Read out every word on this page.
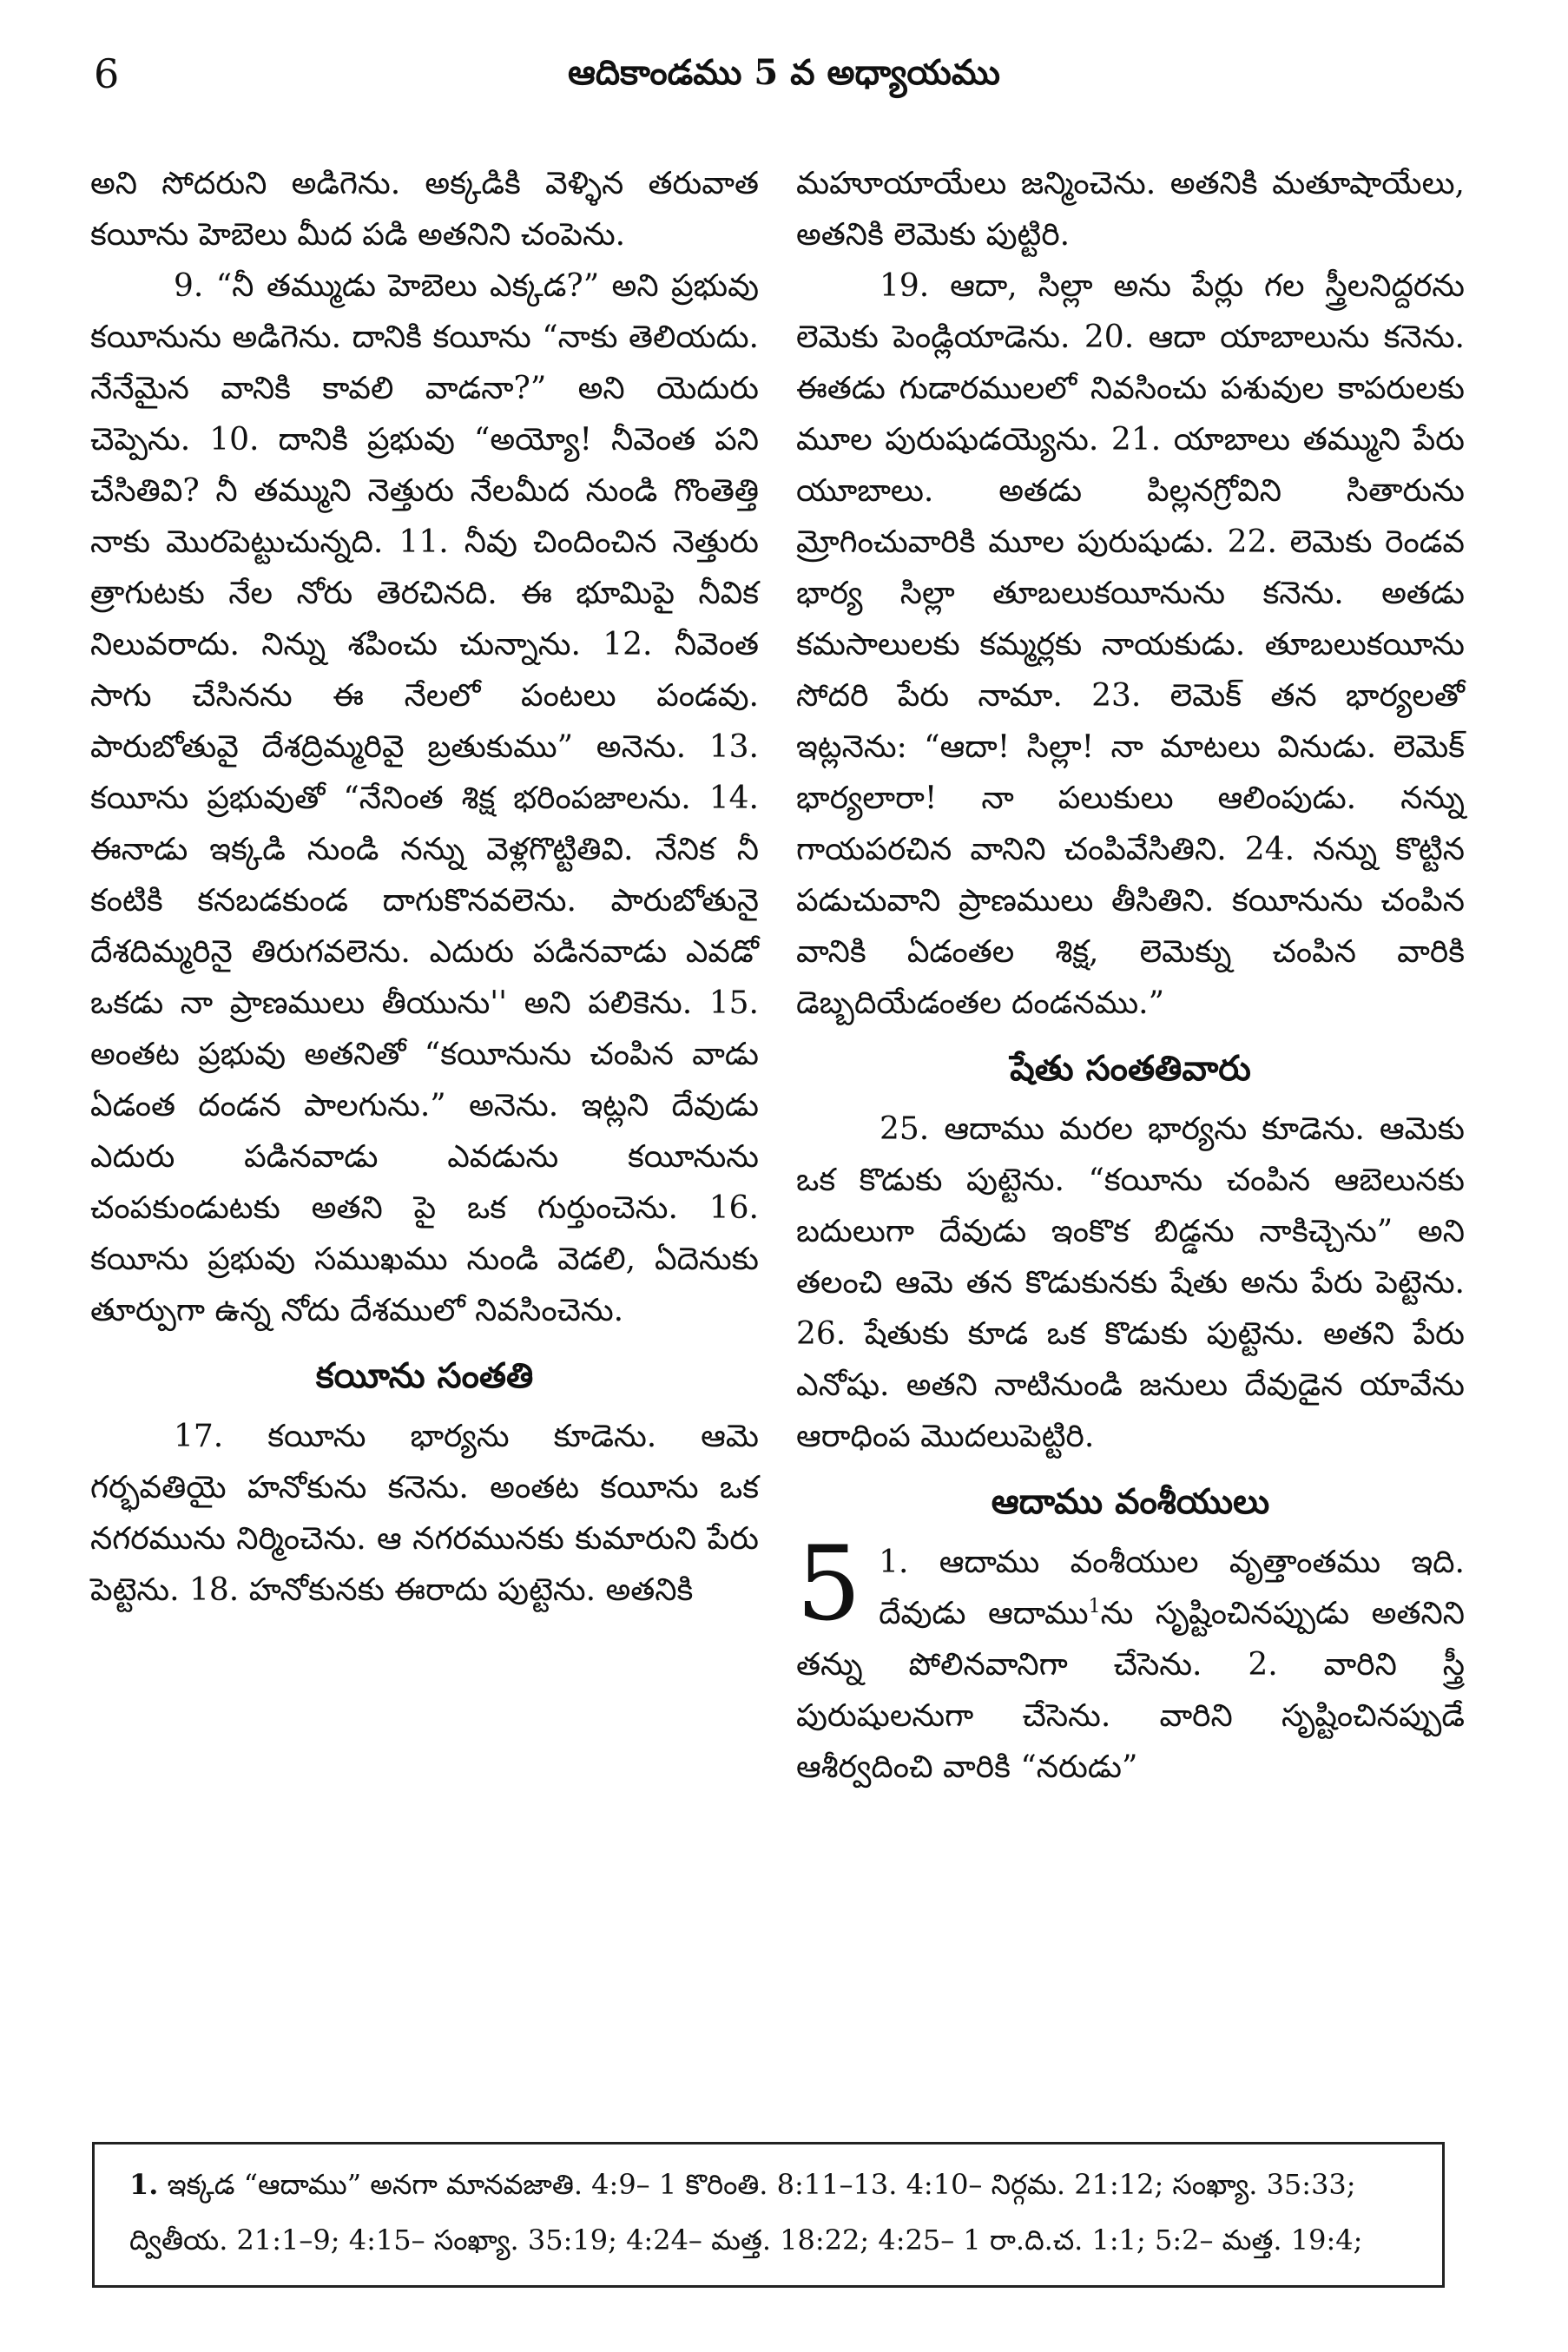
6	ఆదికాండము 5 వ అధ్యాయము

అని సోదరుని అడిగెను. అక్కడికి వెళ్ళిన తరువాత కయీను హెబెలు మీద పడి అతనిని చంపెను.

9. “నీ తమ్ముడు హెబెలు ఎక్కడ?” అని ప్రభువు కయీనును అడిగెను. దానికి కయీను “నాకు తెలియదు. నేనేమైన వానికి కావలి వాడనా?” అని యెదురు చెప్పెను. 10. దానికి ప్రభువు “అయ్యో! నీవెంత పని చేసితివి? నీ తమ్ముని నెత్తురు నేలమీద నుండి గొంతెత్తి నాకు మొరపెట్టుచున్నది. 11. నీవు చిందించిన నెత్తురు త్రాగుటకు నేల నోరు తెరచినది. ఈ భూమిపై నీవిక నిలువరాదు. నిన్ను శపించు చున్నాను. 12. నీవెంత సాగు చేసినను ఈ నేలలో పంటలు పండవు. పారుబోతువై దేశద్రిమ్మరివై బ్రతుకుము” అనెను. 13. కయీను ప్రభువుతో “నేనింత శిక్ష భరింపజాలను. 14. ఈనాడు ఇక్కడి నుండి నన్ను వెళ్లగొట్టితివి. నేనిక నీ కంటికి కనబడకుండ దాగుకొనవలెను. పారుబోతునై దేశదిమ్మరినై తిరుగవలెను. ఎదురు పడినవాడు ఎవడో ఒకడు నా ప్రాణములు తీయును'' అని పలికెను. 15. అంతట ప్రభువు అతనితో “కయీనును చంపిన వాడు ఏడంత దండన పాలగును.” అనెను. ఇట్లని దేవుడు ఎదురు పడినవాడు ఎవడును కయీనును చంపకుండుటకు అతని పై ఒక గుర్తుంచెను. 16. కయీను ప్రభువు సముఖము నుండి వెడలి, ఏదెనుకు తూర్పుగా ఉన్న నోదు దేశములో నివసించెను.

కయీను సంతతి

17. కయీను భార్యను కూడెను. ఆమె గర్భవతియై హనోకును కనెను. అంతట కయీను ఒక నగరమును నిర్మించెను. ఆ నగరమునకు కుమారుని పేరు పెట్టెను. 18. హనోకునకు ఈరాదు పుట్టెను. అతనికి

మహూయాయేలు జన్మించెను. అతనికి మతూషాయేలు, అతనికి లెమెకు పుట్టిరి.

19. ఆదా, సిల్లా అను పేర్లు గల స్త్రీలనిద్దరను లెమెకు పెండ్లియాడెను. 20. ఆదా యాబాలును కనెను. ఈతడు గుడారములలో నివసించు పశువుల కాపరులకు మూల పురుషుడయ్యెను. 21. యాబాలు తమ్ముని పేరు యూబాలు. అతడు పిల్లనగ్రోవిని సితారును మ్రోగించువారికి మూల పురుషుడు. 22. లెమెకు రెండవ భార్య సిల్లా తూబలుకయీనును కనెను. అతడు కమసాలులకు కమ్మర్లకు నాయకుడు. తూబలుకయీను సోదరి పేరు నామా. 23. లెమెక్ తన భార్యలతో ఇట్లనెను: “ఆదా! సిల్లా! నా మాటలు వినుడు. లెమెక్ భార్యలారా! నా పలుకులు ఆలింపుడు. నన్ను గాయపరచిన వానిని చంపివేసితిని. 24. నన్ను కొట్టిన పడుచువాని ప్రాణములు తీసితిని. కయీనును చంపిన వానికి ఏడంతల శిక్ష, లెమెక్ను చంపిన వారికి డెబ్బదియేడంతల దండనము.”

షేతు సంతతివారు

25. ఆదాము మరల భార్యను కూడెను. ఆమెకు ఒక కొడుకు పుట్టెను. “కయీను చంపిన ఆబెలునకు బదులుగా దేవుడు ఇంకొక బిడ్డను నాకిచ్చెను” అని తలంచి ఆమె తన కొడుకునకు షేతు అను పేరు పెట్టెను. 26. షేతుకు కూడ ఒక కొడుకు పుట్టెను. అతని పేరు ఎనోషు. అతని నాటినుండి జనులు దేవుడైన యావేను ఆరాధింప మొదలుపెట్టిరి.

ఆదాము వంశీయులు

5 1. ఆదాము వంశీయుల వృత్తాంతము ఇది. దేవుడు ఆదాము$^1$ను సృష్టించినప్పుడు అతనిని తన్ను పోలినవానిగా చేసెను. 2. వారిని స్త్రీ పురుషులనుగా చేసెను. వారిని సృష్టించినప్పుడే ఆశీర్వదించి వారికి “నరుడు”

1. ఇక్కడ “ఆదాము” అనగా మానవజాతి. 4:9– 1 కొరింతి. 8:11–13. 4:10– నిర్గమ. 21:12; సంఖ్యా. 35:33;

ద్వితీయ. 21:1–9; 4:15– సంఖ్యా. 35:19; 4:24– మత్త. 18:22; 4:25– 1 రా.ది.చ. 1:1; 5:2– మత్త. 19:4;
